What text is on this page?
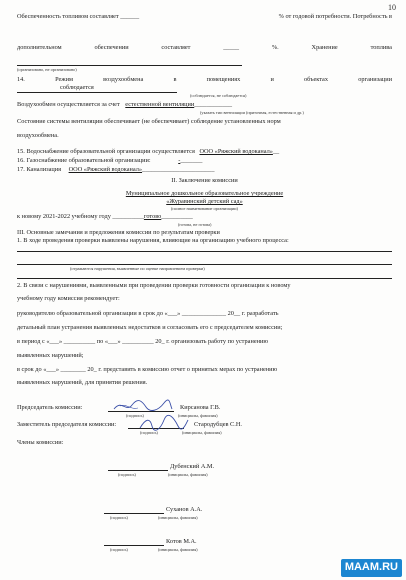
10
Обеспеченность топливом составляет ______	% от годовой потребности. Потребность в
дополнительном	обеспечении	составляет	_____	%.	Хранение	топлива
(организовано, не организовано)
14.	Режим	воздухообмена	в	помещениях	и	объектах	организации
соблюдается
(соблюдается, не соблюдается)
Воздухообмен осуществляется за счет естественной вентиляции____________
(указать тип вентиляции (приточная, естественная и др.)
Состояние системы вентиляции обеспечивает (не обеспечивает) соблюдение установленных норм
воздухообмена.
15. Водоснабжение образовательной организации осуществляется ООО «Ряжский водоканал»__
16. Газоснабжение образовательной организации:	-_______
17. Канализация ООО «Ряжский водоканал»_______________________
II. Заключение комиссии
Муниципальное дошкольное образовательное учреждение
«Журавинский детский сад»
(полное наименование организации)
к новому 2021-2022 учебному году __________готово__________
(готова, не готова)
III. Основные замечания и предложения комиссии по результатам проверки
1. В ходе проведения проверки выявлены нарушения, влияющие на организацию учебного процесса:
(отражаются нарушения, выявленные по оценке направлением проверки)
2. В связи с нарушениями, выявленными при проведении проверки готовности организации к новому
учебному году комиссия рекомендует:
руководителю образовательной организации в срок до «___» ______________ 20__ г. разработать
детальный план устранения выявленных недостатков и согласовать его с председателем комиссии;
в период с «___» __________ по «___» __________ 20_ г. организовать работу по устранению
выявленных нарушений;
в срок до «___» ________ 20_ г. представить в комиссию отчет о принятых мерах по устранению
выявленных нарушений, для принятия решения.
Председатель комиссии:	Кирсанова Г.В.
(подпись)	(инициалы, фамилия)
Заместитель председателя комиссии:	Стародубцев С.Н.
(подпись)	(инициалы, фамилия)
Члены комиссии:
Дубенский А.М.
(подпись)	(инициалы, фамилия)
Суханов А.А.
(подпись)	(инициалы, фамилия)
Котов М.А.
(подпись)	(инициалы, фамилия)
MAAM.RU
